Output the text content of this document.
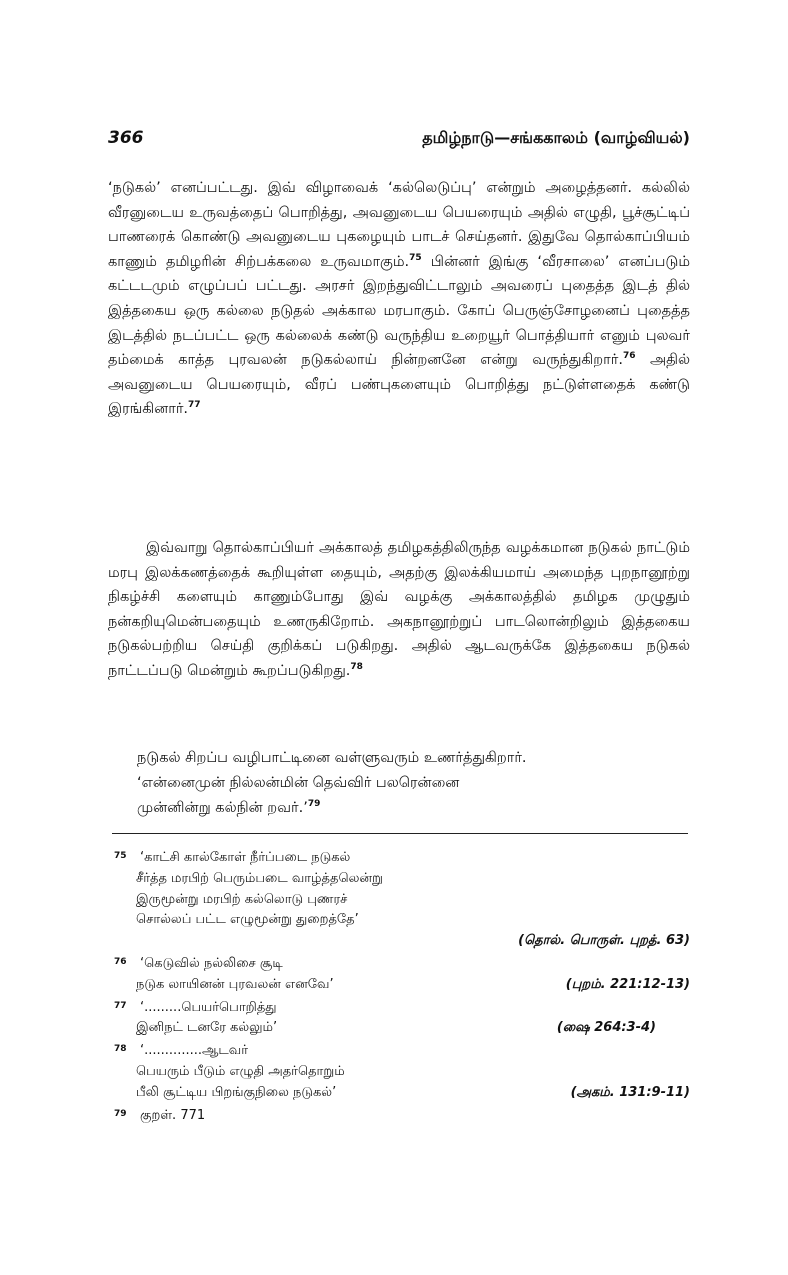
366	தமிழ்நாடு—சங்ககாலம் (வாழ்வியல்)

‘நடுகல்’ எனப்பட்டது. இவ் விழாவைக் ‘கல்லெடுப்பு’ என்றும் அழைத்தனர். கல்லில் வீரனுடைய உருவத்தைப் பொறித்து, அவனுடைய பெயரையும் அதில் எழுதி, பூச்சூட்டிப் பாணரைக் கொண்டு அவனுடைய புகழையும் பாடச் செய்தனர். இதுவே தொல்காப்பியம் காணும் தமிழரின் சிற்பக்கலை உருவமாகும்.$^{75}$ பின்னர் இங்கு ‘வீரசாலை’ எனப்படும் கட்டடமும் எழுப்பப் பட்டது. அரசர் இறந்துவிட்டாலும் அவரைப் புதைத்த இடத் தில் இத்தகைய ஒரு கல்லை நடுதல் அக்கால மரபாகும். கோப் பெருஞ்சோழனைப் புதைத்த இடத்தில் நடப்பட்ட ஒரு கல்லைக் கண்டு வருந்திய உறையூர் பொத்தியார் எனும் புலவர் தம்மைக் காத்த புரவலன் நடுகல்லாய் நின்றனனே என்று வருந்துகிறார்.$^{76}$ அதில் அவனுடைய பெயரையும், வீரப் பண்புகளையும் பொறித்து நட்டுள்ளதைக் கண்டு இரங்கினார்.$^{77}$

இவ்வாறு தொல்காப்பியர் அக்காலத் தமிழகத்திலிருந்த வழக்கமான நடுகல் நாட்டும் மரபு இலக்கணத்தைக் கூறியுள்ள தையும், அதற்கு இலக்கியமாய் அமைந்த புறநானூற்று நிகழ்ச்சி களையும் காணும்போது இவ் வழக்கு அக்காலத்தில் தமிழக முழுதும் நன்கறியுமென்பதையும் உணருகிறோம். அகநானூற்றுப் பாடலொன்றிலும் இத்தகைய நடுகல்பற்றிய செய்தி குறிக்கப் படுகிறது. அதில் ஆடவருக்கே இத்தகைய நடுகல் நாட்டப்படு மென்றும் கூறப்படுகிறது.$^{78}$

நடுகல் சிறப்ப வழிபாட்டினை வள்ளுவரும் உணர்த்துகிறார்.
‘என்னைமுன் நில்லன்மின் தெவ்விர் பலரென்னை
முன்னின்று கல்நின் றவர்.’$^{79}$
75	‘காட்சி கால்கோள் நீர்ப்படை நடுகல்
சீர்த்த மரபிற் பெரும்படை வாழ்த்தலென்று
இருமூன்று மரபிற் கல்லொடு புணரச்
சொல்லப் பட்ட எழுமூன்று துறைத்தே’
(தொல். பொருள். புறத். 63)
76	‘கெடுவில் நல்லிசை சூடி
நடுக லாயினன் புரவலன் எனவே’	(புறம். 221:12-13)
77	‘.........பெயர்பொறித்து
இனிநட் டனரே கல்லும்’	(ஷை 264:3-4)
78	‘..............ஆடவர்
பெயரும் பீடும் எழுதி அதர்தொறும்
பீலி சூட்டிய பிறங்குநிலை நடுகல்’	(அகம். 131:9-11)
79	குறள். 771
